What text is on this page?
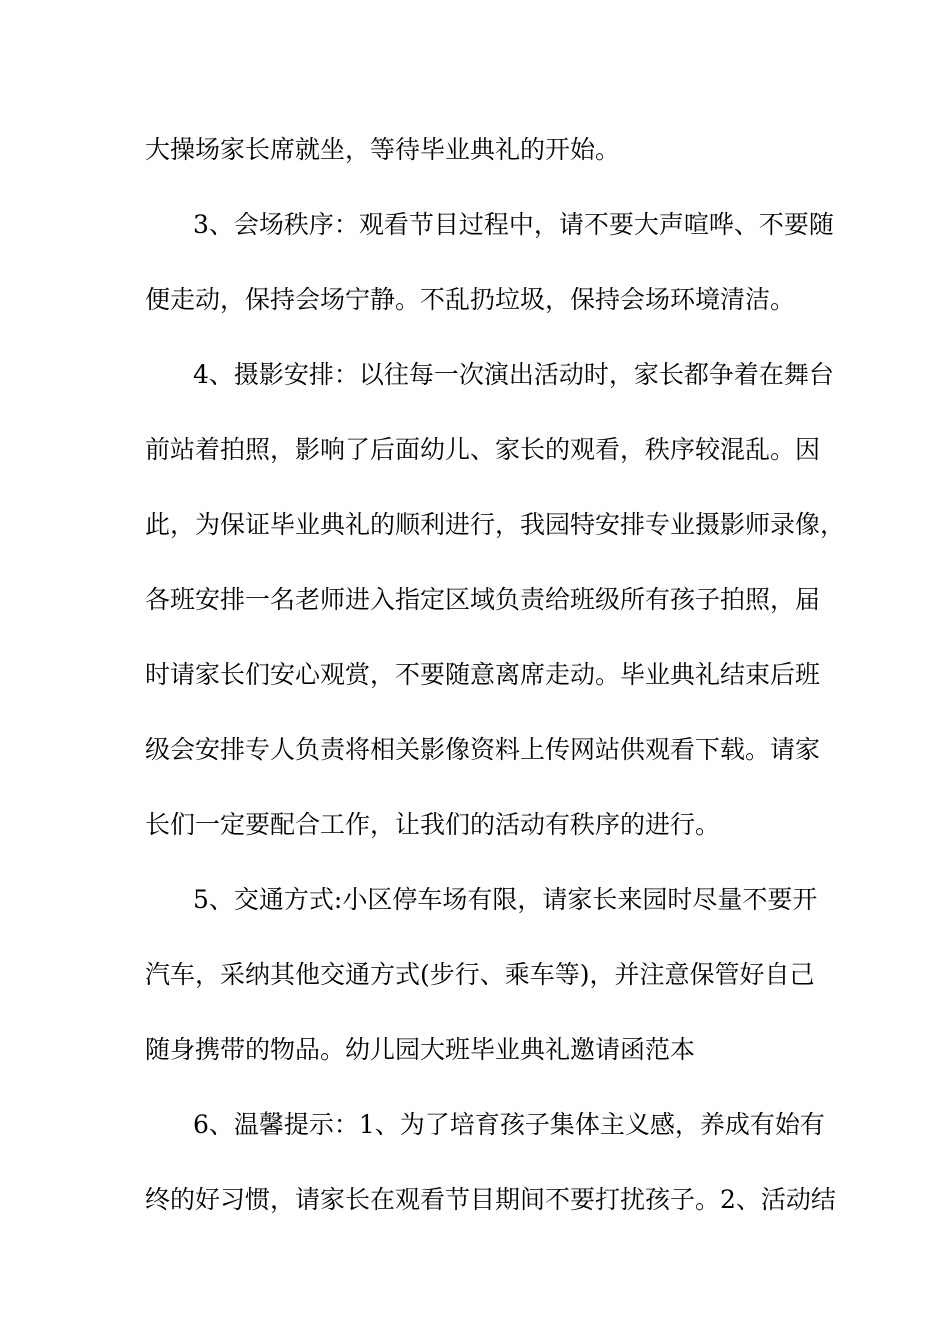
大操场家长席就坐，等待毕业典礼的开始。
3、会场秩序：观看节目过程中，请不要大声喧哗、不要随
便走动，保持会场宁静。不乱扔垃圾，保持会场环境清洁。
4、摄影安排：以往每一次演出活动时，家长都争着在舞台
前站着拍照，影响了后面幼儿、家长的观看，秩序较混乱。因
此，为保证毕业典礼的顺利进行，我园特安排专业摄影师录像，
各班安排一名老师进入指定区域负责给班级所有孩子拍照，届
时请家长们安心观赏，不要随意离席走动。毕业典礼结束后班
级会安排专人负责将相关影像资料上传网站供观看下载。请家
长们一定要配合工作，让我们的活动有秩序的进行。
5、交通方式:小区停车场有限，请家长来园时尽量不要开
汽车，采纳其他交通方式(步行、乘车等)，并注意保管好自己
随身携带的物品。幼儿园大班毕业典礼邀请函范本
6、温馨提示：1、为了培育孩子集体主义感，养成有始有
终的好习惯，请家长在观看节目期间不要打扰孩子。2、活动结
